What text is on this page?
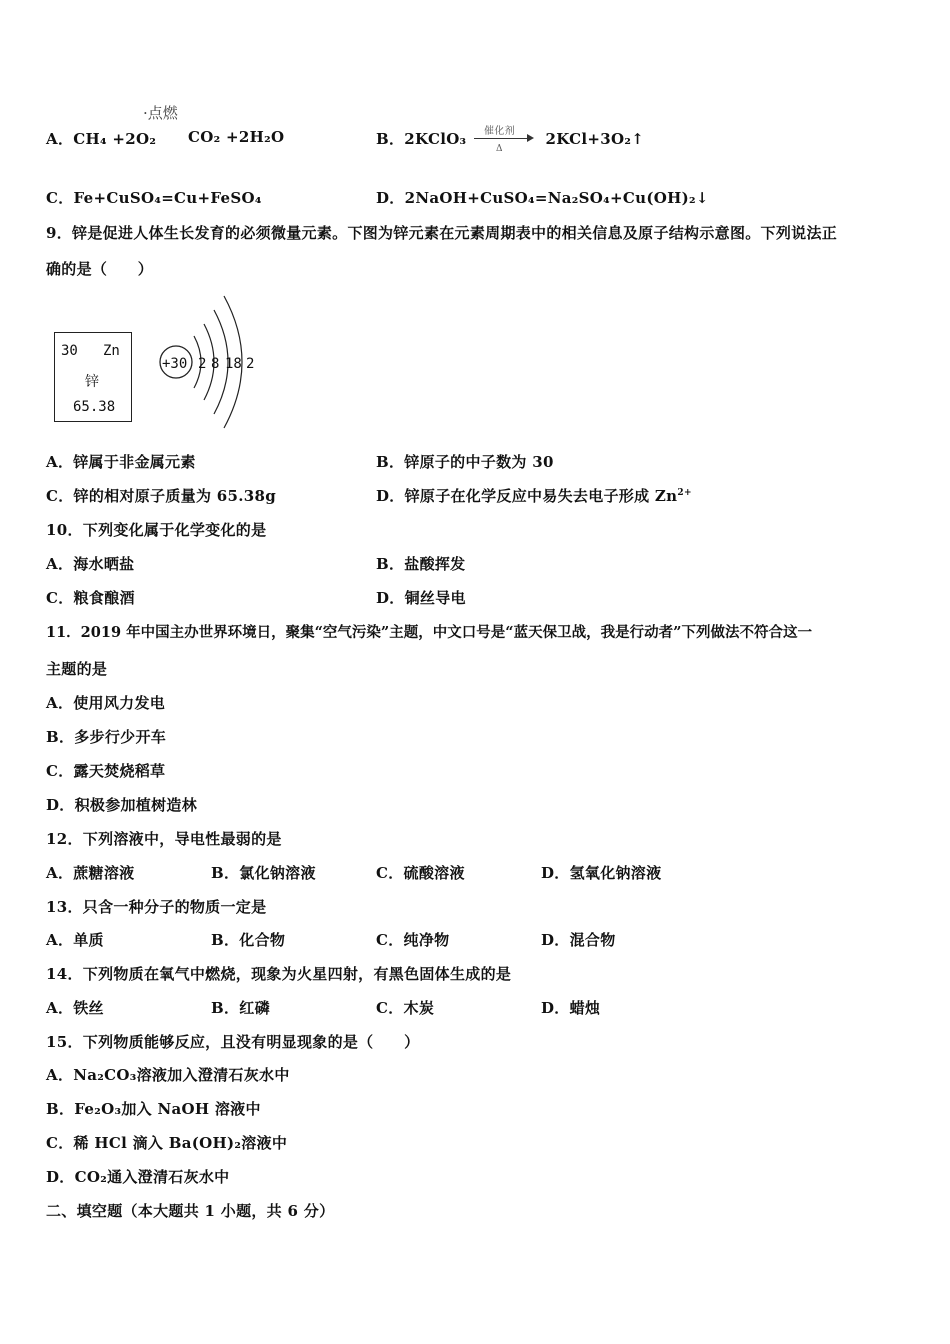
·点燃
A．CH₄ +2O₂ CO₂ +2H₂O	B．2KClO₃ 催化剂
Δ
2KCl+3O₂↑
C．Fe+CuSO₄=Cu+FeSO₄	D．2NaOH+CuSO₄=Na₂SO₄+Cu(OH)₂↓
9．锌是促进人体生长发育的必须微量元素。下图为锌元素在元素周期表中的相关信息及原子结构示意图。下列说法正
确的是（　　）
30 Zn
锌
65.38
+30 2 8 18 2
A．锌属于非金属元素	B．锌原子的中子数为 30
C．锌的相对原子质量为 65.38g	D．锌原子在化学反应中易失去电子形成 $Zn^{2+}$
10．下列变化属于化学变化的是
A．海水晒盐	B．盐酸挥发
C．粮食酿酒	D．铜丝导电
11．2019 年中国主办世界环境日，聚集“空气污染”主题，中文口号是“蓝天保卫战，我是行动者”下列做法不符合这一
主题的是
A．使用风力发电
B．多步行少开车
C．露天焚烧稻草
D．积极参加植树造林
12．下列溶液中，导电性最弱的是
A．蔗糖溶液	B．氯化钠溶液	C．硫酸溶液	D．氢氧化钠溶液
13．只含一种分子的物质一定是
A．单质	B．化合物	C．纯净物	D．混合物
14．下列物质在氧气中燃烧，现象为火星四射，有黑色固体生成的是
A．铁丝	B．红磷	C．木炭	D．蜡烛
15．下列物质能够反应，且没有明显现象的是（　　）
A．Na₂CO₃溶液加入澄清石灰水中
B．Fe₂O₃加入 NaOH 溶液中
C．稀 HCl 滴入 Ba(OH)₂溶液中
D．CO₂通入澄清石灰水中
二、填空题（本大题共 1 小题，共 6 分）
